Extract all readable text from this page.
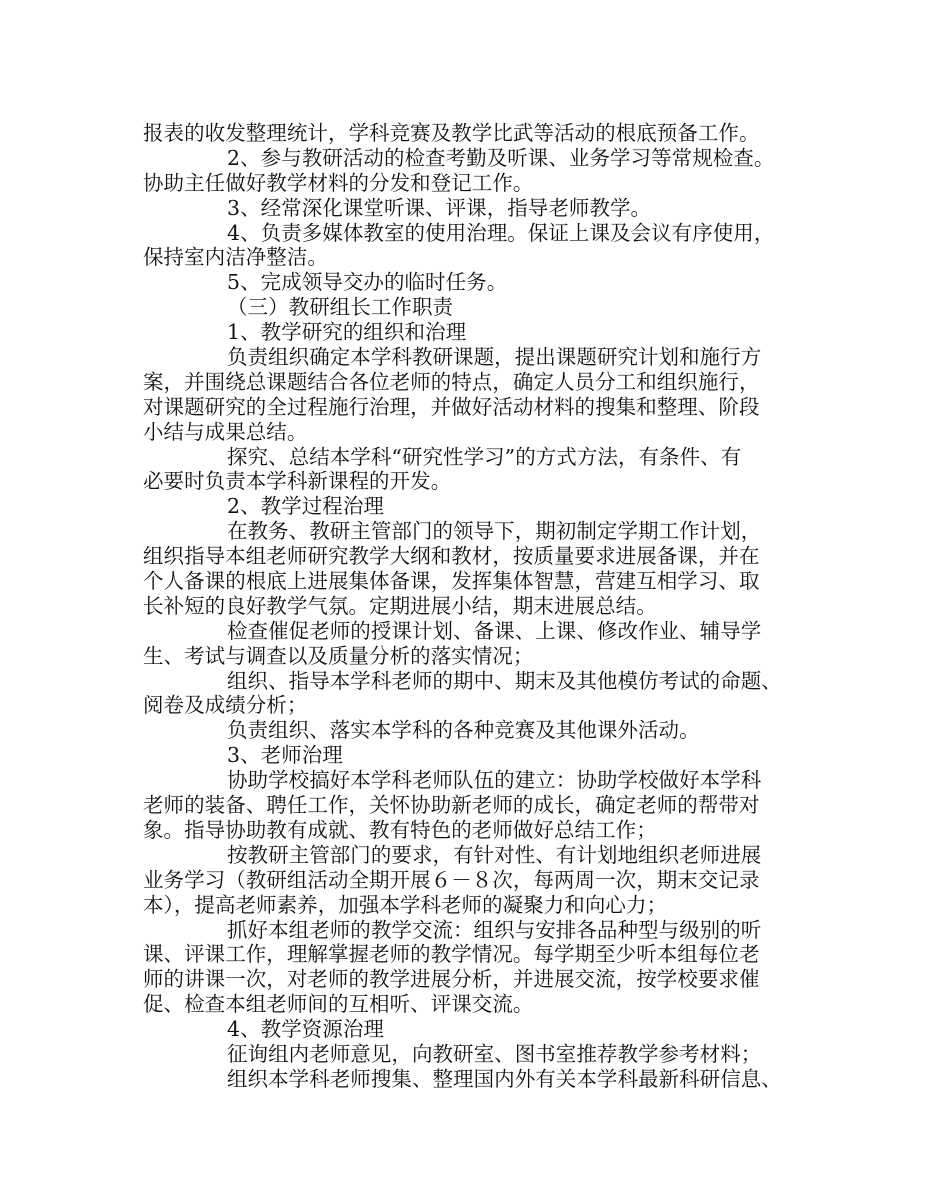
报表的收发整理统计，学科竞赛及教学比武等活动的根底预备工作。
2、参与教研活动的检查考勤及听课、业务学习等常规检查。
协助主任做好教学材料的分发和登记工作。
3、经常深化课堂听课、评课，指导老师教学。
4、负责多媒体教室的使用治理。保证上课及会议有序使用，
保持室内洁净整洁。
5、完成领导交办的临时任务。
（三）教研组长工作职责
1、教学研究的组织和治理
负责组织确定本学科教研课题，提出课题研究计划和施行方
案，并围绕总课题结合各位老师的特点，确定人员分工和组织施行，
对课题研究的全过程施行治理，并做好活动材料的搜集和整理、阶段
小结与成果总结。
探究、总结本学科“研究性学习”的方式方法，有条件、有
必要时负责本学科新课程的开发。
2、教学过程治理
在教务、教研主管部门的领导下，期初制定学期工作计划，
组织指导本组老师研究教学大纲和教材，按质量要求进展备课，并在
个人备课的根底上进展集体备课，发挥集体智慧，营建互相学习、取
长补短的良好教学气氛。定期进展小结，期末进展总结。
检查催促老师的授课计划、备课、上课、修改作业、辅导学
生、考试与调查以及质量分析的落实情况；
组织、指导本学科老师的期中、期末及其他模仿考试的命题、
阅卷及成绩分析；
负责组织、落实本学科的各种竞赛及其他课外活动。
3、老师治理
协助学校搞好本学科老师队伍的建立：协助学校做好本学科
老师的装备、聘任工作，关怀协助新老师的成长，确定老师的帮带对
象。指导协助教有成就、教有特色的老师做好总结工作；
按教研主管部门的要求，有针对性、有计划地组织老师进展
业务学习（教研组活动全期开展６－８次，每两周一次，期末交记录
本），提高老师素养，加强本学科老师的凝聚力和向心力；
抓好本组老师的教学交流：组织与安排各品种型与级别的听
课、评课工作，理解掌握老师的教学情况。每学期至少听本组每位老
师的讲课一次，对老师的教学进展分析，并进展交流，按学校要求催
促、检查本组老师间的互相听、评课交流。
4、教学资源治理
征询组内老师意见，向教研室、图书室推荐教学参考材料；
组织本学科老师搜集、整理国内外有关本学科最新科研信息、
